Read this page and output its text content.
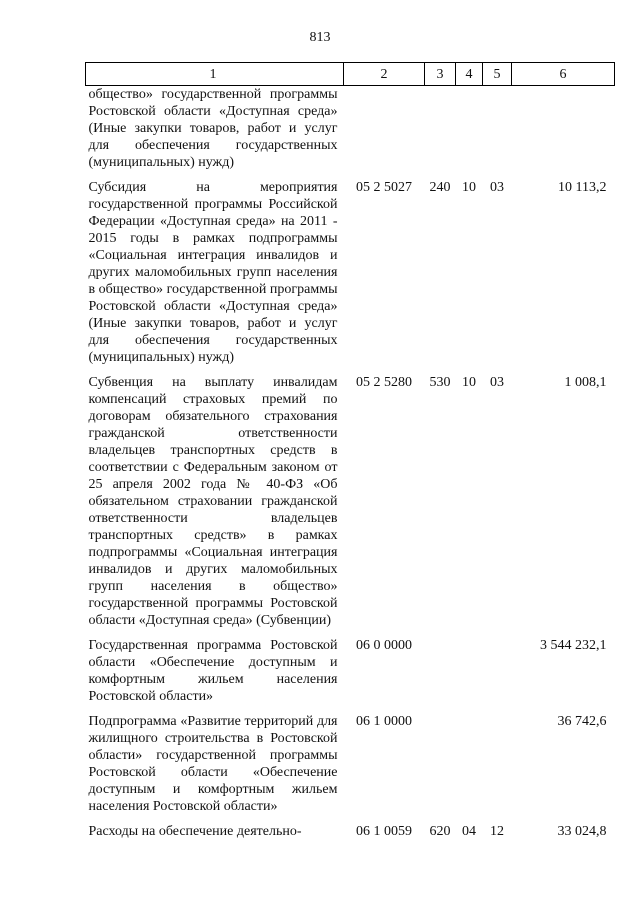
813
1	2	3	4	5	6
общество» государственной программы Ростовской области «Доступная среда» (Иные закупки товаров, работ и услуг для обеспечения государственных (муниципальных) нужд)					
Субсидия на мероприятия государственной программы Российской Федерации «Доступная среда» на 2011 - 2015 годы в рамках подпрограммы «Социальная интеграция инвалидов и других маломобильных групп населения в общество» государственной программы Ростовской области «Доступная среда» (Иные закупки товаров, работ и услуг для обеспечения государственных (муниципальных) нужд)	05 2 5027	240	10	03	10 113,2
Субвенция на выплату инвалидам компенсаций страховых премий по договорам обязательного страхования гражданской ответственности владельцев транспортных средств в соответствии с Федеральным законом от 25 апреля 2002 года № 40-ФЗ «Об обязательном страховании гражданской ответственности владельцев транспортных средств» в рамках подпрограммы «Социальная интеграция инвалидов и других маломобильных групп населения в общество» государственной программы Ростовской области «Доступная среда» (Субвенции)	05 2 5280	530	10	03	1 008,1
Государственная программа Ростовской области «Обеспечение доступным и комфортным жильем населения Ростовской области»	06 0 0000				3 544 232,1
Подпрограмма «Развитие территорий для жилищного строительства в Ростовской области» государственной программы Ростовской области «Обеспечение доступным и комфортным жильем населения Ростовской области»	06 1 0000				36 742,6
Расходы на обеспечение деятельно-	06 1 0059	620	04	12	33 024,8
